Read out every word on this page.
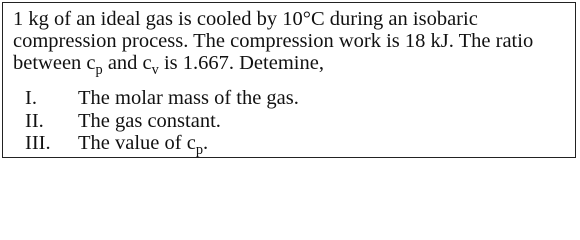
1 kg of an ideal gas is cooled by 10°C during an isobaric
compression process. The compression work is 18 kJ. The ratio
between $c_p$ and $c_v$ is 1.667. Detemine,
I.	The molar mass of the gas.
II.	The gas constant.
III.	The value of $c_p$.
